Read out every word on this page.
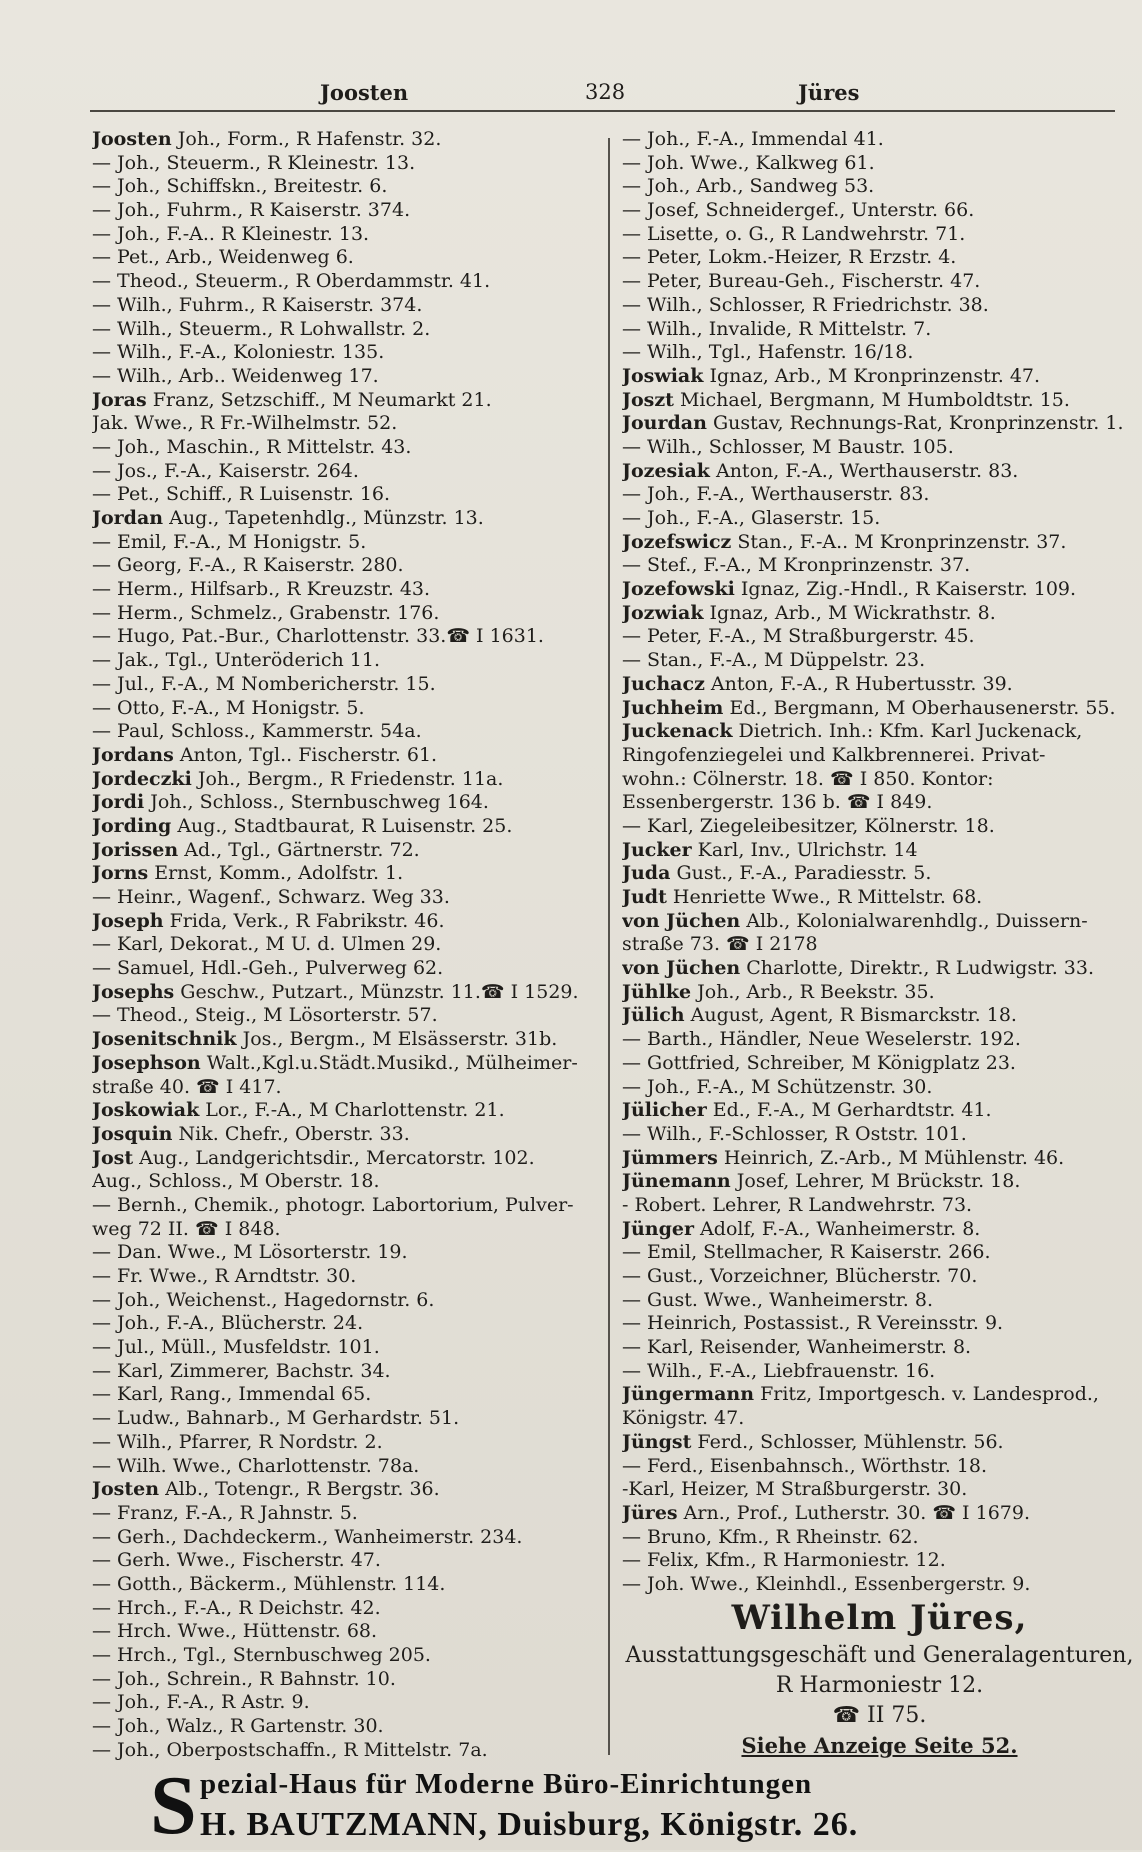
Joosten	328	Jüres
Joosten Joh., Form., R Hafenstr. 32.
— Joh., Steuerm., R Kleinestr. 13.
— Joh., Schiffskn., Breitestr. 6.
— Joh., Fuhrm., R Kaiserstr. 374.
— Joh., F.-A.. R Kleinestr. 13.
— Pet., Arb., Weidenweg 6.
— Theod., Steuerm., R Oberdammstr. 41.
— Wilh., Fuhrm., R Kaiserstr. 374.
— Wilh., Steuerm., R Lohwallstr. 2.
— Wilh., F.-A., Koloniestr. 135.
— Wilh., Arb.. Weidenweg 17.
Joras Franz, Setzschiff., M Neumarkt 21.
Jak. Wwe., R Fr.-Wilhelmstr. 52.
— Joh., Maschin., R Mittelstr. 43.
— Jos., F.-A., Kaiserstr. 264.
— Pet., Schiff., R Luisenstr. 16.
Jordan Aug., Tapetenhdlg., Münzstr. 13.
— Emil, F.-A., M Honigstr. 5.
— Georg, F.-A., R Kaiserstr. 280.
— Herm., Hilfsarb., R Kreuzstr. 43.
— Herm., Schmelz., Grabenstr. 176.
— Hugo, Pat.-Bur., Charlottenstr. 33.☎ I 1631.
— Jak., Tgl., Unteröderich 11.
— Jul., F.-A., M Nombericherstr. 15.
— Otto, F.-A., M Honigstr. 5.
— Paul, Schloss., Kammerstr. 54a.
Jordans Anton, Tgl.. Fischerstr. 61.
Jordeczki Joh., Bergm., R Friedenstr. 11a.
Jordi Joh., Schloss., Sternbuschweg 164.
Jording Aug., Stadtbaurat, R Luisenstr. 25.
Jorissen Ad., Tgl., Gärtnerstr. 72.
Jorns Ernst, Komm., Adolfstr. 1.
— Heinr., Wagenf., Schwarz. Weg 33.
Joseph Frida, Verk., R Fabrikstr. 46.
— Karl, Dekorat., M U. d. Ulmen 29.
— Samuel, Hdl.-Geh., Pulverweg 62.
Josephs Geschw., Putzart., Münzstr. 11.☎ I 1529.
— Theod., Steig., M Lösorterstr. 57.
Josenitschnik Jos., Bergm., M Elsässerstr. 31b.
Josephson Walt.,Kgl.u.Städt.Musikd., Mülheimer-
straße 40. ☎ I 417.
Joskowiak Lor., F.-A., M Charlottenstr. 21.
Josquin Nik. Chefr., Oberstr. 33.
Jost Aug., Landgerichtsdir., Mercatorstr. 102.
Aug., Schloss., M Oberstr. 18.
— Bernh., Chemik., photogr. Labortorium, Pulver-
weg 72 II. ☎ I 848.
— Dan. Wwe., M Lösorterstr. 19.
— Fr. Wwe., R Arndtstr. 30.
— Joh., Weichenst., Hagedornstr. 6.
— Joh., F.-A., Blücherstr. 24.
— Jul., Müll., Musfeldstr. 101.
— Karl, Zimmerer, Bachstr. 34.
— Karl, Rang., Immendal 65.
— Ludw., Bahnarb., M Gerhardstr. 51.
— Wilh., Pfarrer, R Nordstr. 2.
— Wilh. Wwe., Charlottenstr. 78a.
Josten Alb., Totengr., R Bergstr. 36.
— Franz, F.-A., R Jahnstr. 5.
— Gerh., Dachdeckerm., Wanheimerstr. 234.
— Gerh. Wwe., Fischerstr. 47.
— Gotth., Bäckerm., Mühlenstr. 114.
— Hrch., F.-A., R Deichstr. 42.
— Hrch. Wwe., Hüttenstr. 68.
— Hrch., Tgl., Sternbuschweg 205.
— Joh., Schrein., R Bahnstr. 10.
— Joh., F.-A., R Astr. 9.
— Joh., Walz., R Gartenstr. 30.
— Joh., Oberpostschaffn., R Mittelstr. 7a.
— Joh., F.-A., Immendal 41.
— Joh. Wwe., Kalkweg 61.
— Joh., Arb., Sandweg 53.
— Josef, Schneidergef., Unterstr. 66.
— Lisette, o. G., R Landwehrstr. 71.
— Peter, Lokm.-Heizer, R Erzstr. 4.
— Peter, Bureau-Geh., Fischerstr. 47.
— Wilh., Schlosser, R Friedrichstr. 38.
— Wilh., Invalide, R Mittelstr. 7.
— Wilh., Tgl., Hafenstr. 16/18.
Joswiak Ignaz, Arb., M Kronprinzenstr. 47.
Joszt Michael, Bergmann, M Humboldtstr. 15.
Jourdan Gustav, Rechnungs-Rat, Kronprinzenstr. 1.
— Wilh., Schlosser, M Baustr. 105.
Jozesiak Anton, F.-A., Werthauserstr. 83.
— Joh., F.-A., Werthauserstr. 83.
— Joh., F.-A., Glaserstr. 15.
Jozefswicz Stan., F.-A.. M Kronprinzenstr. 37.
— Stef., F.-A., M Kronprinzenstr. 37.
Jozefowski Ignaz, Zig.-Hndl., R Kaiserstr. 109.
Jozwiak Ignaz, Arb., M Wickrathstr. 8.
— Peter, F.-A., M Straßburgerstr. 45.
— Stan., F.-A., M Düppelstr. 23.
Juchacz Anton, F.-A., R Hubertusstr. 39.
Juchheim Ed., Bergmann, M Oberhausenerstr. 55.
Juckenack Dietrich. Inh.: Kfm. Karl Juckenack,
Ringofenziegelei und Kalkbrennerei. Privat-
wohn.: Cölnerstr. 18. ☎ I 850. Kontor:
Essenbergerstr. 136 b. ☎ I 849.
— Karl, Ziegeleibesitzer, Kölnerstr. 18.
Jucker Karl, Inv., Ulrichstr. 14
Juda Gust., F.-A., Paradiesstr. 5.
Judt Henriette Wwe., R Mittelstr. 68.
von Jüchen Alb., Kolonialwarenhdlg., Duissern-
straße 73. ☎ I 2178
von Jüchen Charlotte, Direktr., R Ludwigstr. 33.
Jühlke Joh., Arb., R Beekstr. 35.
Jülich August, Agent, R Bismarckstr. 18.
— Barth., Händler, Neue Weselerstr. 192.
— Gottfried, Schreiber, M Königplatz 23.
— Joh., F.-A., M Schützenstr. 30.
Jülicher Ed., F.-A., M Gerhardtstr. 41.
— Wilh., F.-Schlosser, R Oststr. 101.
Jümmers Heinrich, Z.-Arb., M Mühlenstr. 46.
Jünemann Josef, Lehrer, M Brückstr. 18.
- Robert. Lehrer, R Landwehrstr. 73.
Jünger Adolf, F.-A., Wanheimerstr. 8.
— Emil, Stellmacher, R Kaiserstr. 266.
— Gust., Vorzeichner, Blücherstr. 70.
— Gust. Wwe., Wanheimerstr. 8.
— Heinrich, Postassist., R Vereinsstr. 9.
— Karl, Reisender, Wanheimerstr. 8.
— Wilh., F.-A., Liebfrauenstr. 16.
Jüngermann Fritz, Importgesch. v. Landesprod.,
Königstr. 47.
Jüngst Ferd., Schlosser, Mühlenstr. 56.
— Ferd., Eisenbahnsch., Wörthstr. 18.
-Karl, Heizer, M Straßburgerstr. 30.
Jüres Arn., Prof., Lutherstr. 30. ☎ I 1679.
— Bruno, Kfm., R Rheinstr. 62.
— Felix, Kfm., R Harmoniestr. 12.
— Joh. Wwe., Kleinhdl., Essenbergerstr. 9.
Wilhelm Jüres,
Ausstattungsgeschäft und Generalagenturen,
R Harmoniestr 12.
☎ II 75.
Siehe Anzeige Seite 52.
S pezial-Haus für Moderne Büro-Einrichtungen
H. BAUTZMANN, Duisburg, Königstr. 26.
